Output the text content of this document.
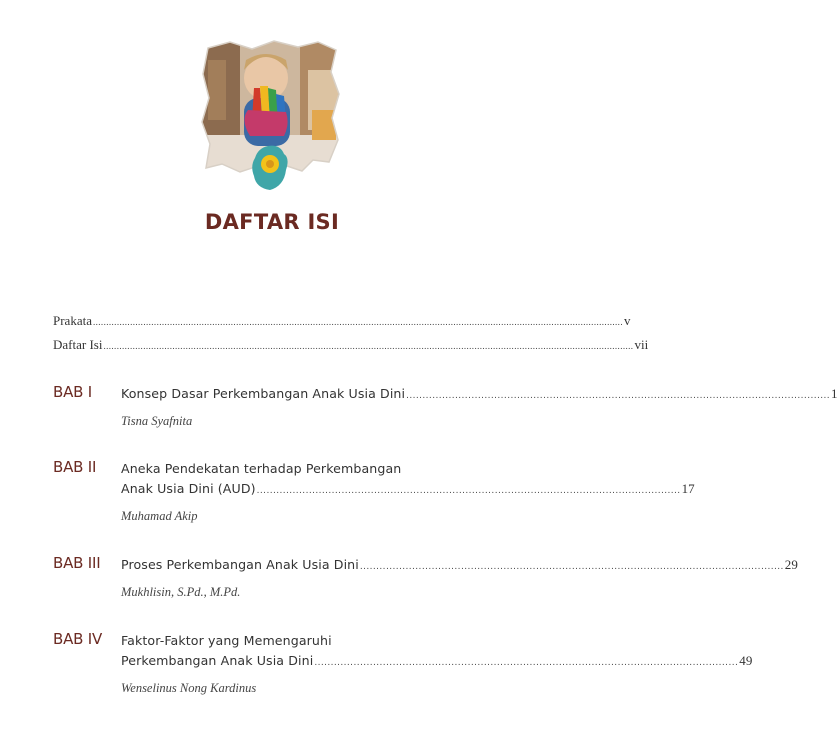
DAFTAR ISI
Prakata ........................................................................................................................................................................................................ v
Daftar Isi ........................................................................................................................................................................................................ vii
BAB I Konsep Dasar Perkembangan Anak Usia Dini .................................................................................................................................. 1
Tisna Syafnita
BAB II Aneka Pendekatan terhadap Perkembangan
Anak Usia Dini (AUD) .................................................................................................................................. 17
Muhamad Akip
BAB III Proses Perkembangan Anak Usia Dini .................................................................................................................................. 29
Mukhlisin, S.Pd., M.Pd.
BAB IV Faktor-Faktor yang Memengaruhi
Perkembangan Anak Usia Dini .................................................................................................................................. 49
Wenselinus Nong Kardinus
